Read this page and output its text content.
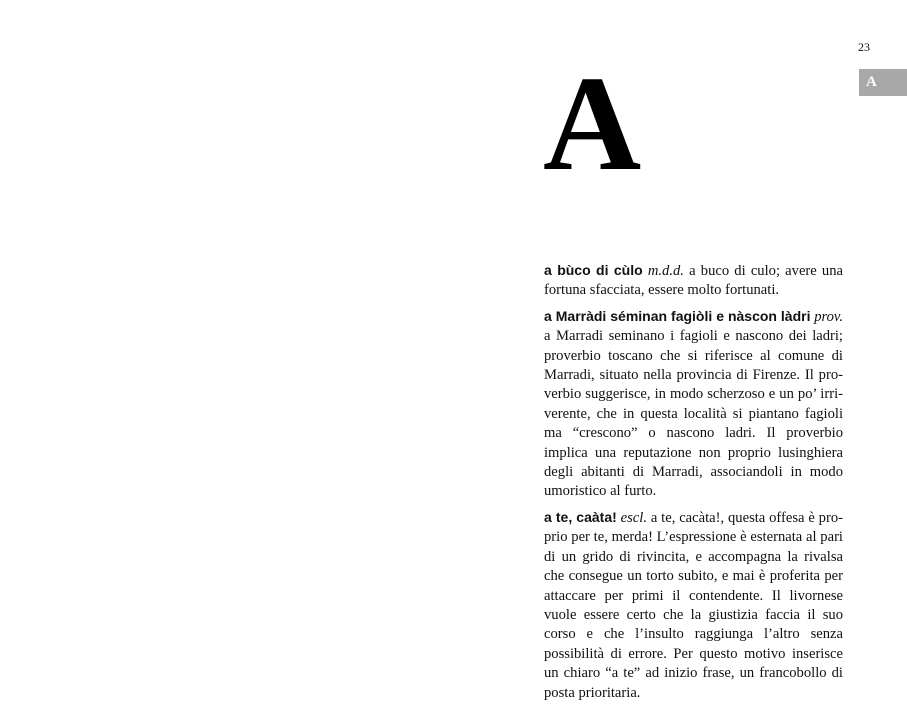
23
A
A

a bùco di cùlo m.d.d. a buco di culo; avere una fortuna sfacciata, essere molto fortunati.

a Marràdi séminan fagiòli e nàscon làdri prov. a Marradi seminano i fagioli e nascono dei ladri; proverbio toscano che si riferisce al comune di Marradi, situato nella provincia di Firenze. Il proverbio suggerisce, in modo scherzoso e un po’ irriverente, che in questa località si piantano fagioli ma “crescono” o nascono ladri. Il proverbio implica una reputazione non proprio lusinghiera degli abitanti di Marradi, associandoli in modo umoristico al furto.

a te, caàta! escl. a te, cacàta!, questa offesa è proprio per te, merda! L’espressione è esternata al pari di un grido di rivincita, e accompagna la rivalsa che consegue un torto subito, e mai è proferita per attaccare per primi il contendente. Il livornese vuole essere certo che la giustizia faccia il suo corso e che l’insulto raggiunga l’altro senza possibilità di errore. Per questo motivo inserisce un chiaro “a te” ad inizio frase, un francobollo di posta prioritaria.
